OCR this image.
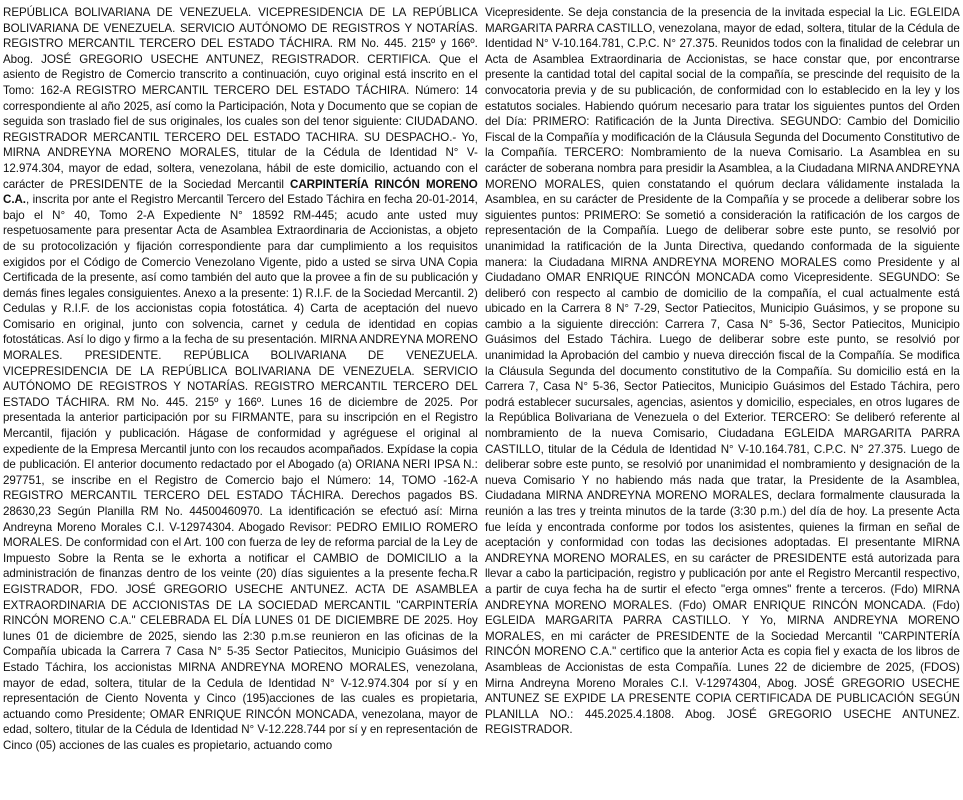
REPÚBLICA BOLIVARIANA DE VENEZUELA. VICEPRESIDENCIA DE LA REPÚBLICA BOLIVARIANA DE VENEZUELA. SERVICIO AUTÓNOMO DE REGISTROS Y NOTARÍAS. REGISTRO MERCANTIL TERCERO DEL ESTADO TÁCHIRA. RM No. 445. 215º y 166º. Abog. JOSÉ GREGORIO USECHE ANTUNEZ, REGISTRADOR. CERTIFICA. Que el asiento de Registro de Comercio transcrito a continuación, cuyo original está inscrito en el Tomo: 162-A REGISTRO MERCANTIL TERCERO DEL ESTADO TÁCHIRA. Número: 14 correspondiente al año 2025, así como la Participación, Nota y Documento que se copian de seguida son traslado fiel de sus originales, los cuales son del tenor siguiente: CIUDADANO. REGISTRADOR MERCANTIL TERCERO DEL ESTADO TACHIRA. SU DESPACHO.- Yo, MIRNA ANDREYNA MORENO MORALES, titular de la Cédula de Identidad N° V-12.974.304, mayor de edad, soltera, venezolana, hábil de este domicilio, actuando con el carácter de PRESIDENTE de la Sociedad Mercantil CARPINTERÍA RINCÓN MORENO C.A., inscrita por ante el Registro Mercantil Tercero del Estado Táchira en fecha 20-01-2014, bajo el N° 40, Tomo 2-A Expediente N° 18592 RM-445; acudo ante usted muy respetuosamente para presentar Acta de Asamblea Extraordinaria de Accionistas, a objeto de su protocolización y fijación correspondiente para dar cumplimiento a los requisitos exigidos por el Código de Comercio Venezolano Vigente, pido a usted se sirva UNA Copia Certificada de la presente, así como también del auto que la provee a fin de su publicación y demás fines legales consiguientes. Anexo a la presente: 1) R.I.F. de la Sociedad Mercantil. 2) Cedulas y R.I.F. de los accionistas copia fotostática. 4) Carta de aceptación del nuevo Comisario en original, junto con solvencia, carnet y cedula de identidad en copias fotostáticas. Así lo digo y firmo a la fecha de su presentación. MIRNA ANDREYNA MORENO MORALES. PRESIDENTE. REPÚBLICA BOLIVARIANA DE VENEZUELA. VICEPRESIDENCIA DE LA REPÚBLICA BOLIVARIANA DE VENEZUELA. SERVICIO AUTÓNOMO DE REGISTROS Y NOTARÍAS. REGISTRO MERCANTIL TERCERO DEL ESTADO TÁCHIRA. RM No. 445. 215º y 166º. Lunes 16 de diciembre de 2025. Por presentada la anterior participación por su FIRMANTE, para su inscripción en el Registro Mercantil, fijación y publicación. Hágase de conformidad y agréguese el original al expediente de la Empresa Mercantil junto con los recaudos acompañados. Expídase la copia de publicación. El anterior documento redactado por el Abogado (a) ORIANA NERI IPSA N.: 297751, se inscribe en el Registro de Comercio bajo el Número: 14, TOMO -162-A REGISTRO MERCANTIL TERCERO DEL ESTADO TÁCHIRA. Derechos pagados BS. 28630,23 Según Planilla RM No. 44500460970. La identificación se efectuó así: Mirna Andreyna Moreno Morales C.I. V-12974304. Abogado Revisor: PEDRO EMILIO ROMERO MORALES. De conformidad con el Art. 100 con fuerza de ley de reforma parcial de la Ley de Impuesto Sobre la Renta se le exhorta a notificar el CAMBIO de DOMICILIO a la administración de finanzas dentro de los veinte (20) días siguientes a la presente fecha.R EGISTRADOR, FDO. JOSÉ GREGORIO USECHE ANTUNEZ. ACTA DE ASAMBLEA EXTRAORDINARIA DE ACCIONISTAS DE LA SOCIEDAD MERCANTIL "CARPINTERÍA RINCÓN MORENO C.A." CELEBRADA EL DÍA LUNES 01 DE DICIEMBRE DE 2025. Hoy lunes 01 de diciembre de 2025, siendo las 2:30 p.m.se reunieron en las oficinas de la Compañía ubicada la Carrera 7 Casa N° 5-35 Sector Patiecitos, Municipio Guásimos del Estado Táchira, los accionistas MIRNA ANDREYNA MORENO MORALES, venezolana, mayor de edad, soltera, titular de la Cedula de Identidad N° V-12.974.304 por sí y en representación de Ciento Noventa y Cinco (195)acciones de las cuales es propietaria, actuando como Presidente; OMAR ENRIQUE RINCÓN MONCADA, venezolana, mayor de edad, soltero, titular de la Cédula de Identidad N° V-12.228.744 por sí y en representación de Cinco (05) acciones de las cuales es propietario, actuando como

Vicepresidente. Se deja constancia de la presencia de la invitada especial la Lic. EGLEIDA MARGARITA PARRA CASTILLO, venezolana, mayor de edad, soltera, titular de la Cédula de Identidad N° V-10.164.781, C.P.C. N° 27.375. Reunidos todos con la finalidad de celebrar un Acta de Asamblea Extraordinaria de Accionistas, se hace constar que, por encontrarse presente la cantidad total del capital social de la compañía, se prescinde del requisito de la convocatoria previa y de su publicación, de conformidad con lo establecido en la ley y los estatutos sociales. Habiendo quórum necesario para tratar los siguientes puntos del Orden del Día: PRIMERO: Ratificación de la Junta Directiva. SEGUNDO: Cambio del Domicilio Fiscal de la Compañía y modificación de la Cláusula Segunda del Documento Constitutivo de la Compañía. TERCERO: Nombramiento de la nueva Comisario. La Asamblea en su carácter de soberana nombra para presidir la Asamblea, a la Ciudadana MIRNA ANDREYNA MORENO MORALES, quien constatando el quórum declara válidamente instalada la Asamblea, en su carácter de Presidente de la Compañía y se procede a deliberar sobre los siguientes puntos: PRIMERO: Se sometió a consideración la ratificación de los cargos de representación de la Compañía. Luego de deliberar sobre este punto, se resolvió por unanimidad la ratificación de la Junta Directiva, quedando conformada de la siguiente manera: la Ciudadana MIRNA ANDREYNA MORENO MORALES como Presidente y al Ciudadano OMAR ENRIQUE RINCÓN MONCADA como Vicepresidente. SEGUNDO: Se deliberó con respecto al cambio de domicilio de la compañía, el cual actualmente está ubicado en la Carrera 8 N° 7-29, Sector Patiecitos, Municipio Guásimos, y se propone su cambio a la siguiente dirección: Carrera 7, Casa N° 5-36, Sector Patiecitos, Municipio Guásimos del Estado Táchira. Luego de deliberar sobre este punto, se resolvió por unanimidad la Aprobación del cambio y nueva dirección fiscal de la Compañía. Se modifica la Cláusula Segunda del documento constitutivo de la Compañía. Su domicilio está en la Carrera 7, Casa N° 5-36, Sector Patiecitos, Municipio Guásimos del Estado Táchira, pero podrá establecer sucursales, agencias, asientos y domicilio, especiales, en otros lugares de la República Bolivariana de Venezuela o del Exterior. TERCERO: Se deliberó referente al nombramiento de la nueva Comisario, Ciudadana EGLEIDA MARGARITA PARRA CASTILLO, titular de la Cédula de Identidad N° V-10.164.781, C.P.C. N° 27.375. Luego de deliberar sobre este punto, se resolvió por unanimidad el nombramiento y designación de la nueva Comisario Y no habiendo más nada que tratar, la Presidente de la Asamblea, Ciudadana MIRNA ANDREYNA MORENO MORALES, declara formalmente clausurada la reunión a las tres y treinta minutos de la tarde (3:30 p.m.) del día de hoy. La presente Acta fue leída y encontrada conforme por todos los asistentes, quienes la firman en señal de aceptación y conformidad con todas las decisiones adoptadas. El presentante MIRNA ANDREYNA MORENO MORALES, en su carácter de PRESIDENTE está autorizada para llevar a cabo la participación, registro y publicación por ante el Registro Mercantil respectivo, a partir de cuya fecha ha de surtir el efecto "erga omnes" frente a terceros. (Fdo) MIRNA ANDREYNA MORENO MORALES. (Fdo) OMAR ENRIQUE RINCÓN MONCADA. (Fdo) EGLEIDA MARGARITA PARRA CASTILLO. Y Yo, MIRNA ANDREYNA MORENO MORALES, en mi carácter de PRESIDENTE de la Sociedad Mercantil "CARPINTERÍA RINCÓN MORENO C.A." certifico que la anterior Acta es copia fiel y exacta de los libros de Asambleas de Accionistas de esta Compañía. Lunes 22 de diciembre de 2025, (FDOS) Mirna Andreyna Moreno Morales C.I. V-12974304, Abog. JOSÉ GREGORIO USECHE ANTUNEZ SE EXPIDE LA PRESENTE COPIA CERTIFICADA DE PUBLICACIÓN SEGÚN PLANILLA NO.: 445.2025.4.1808. Abog. JOSÉ GREGORIO USECHE ANTUNEZ. REGISTRADOR.
